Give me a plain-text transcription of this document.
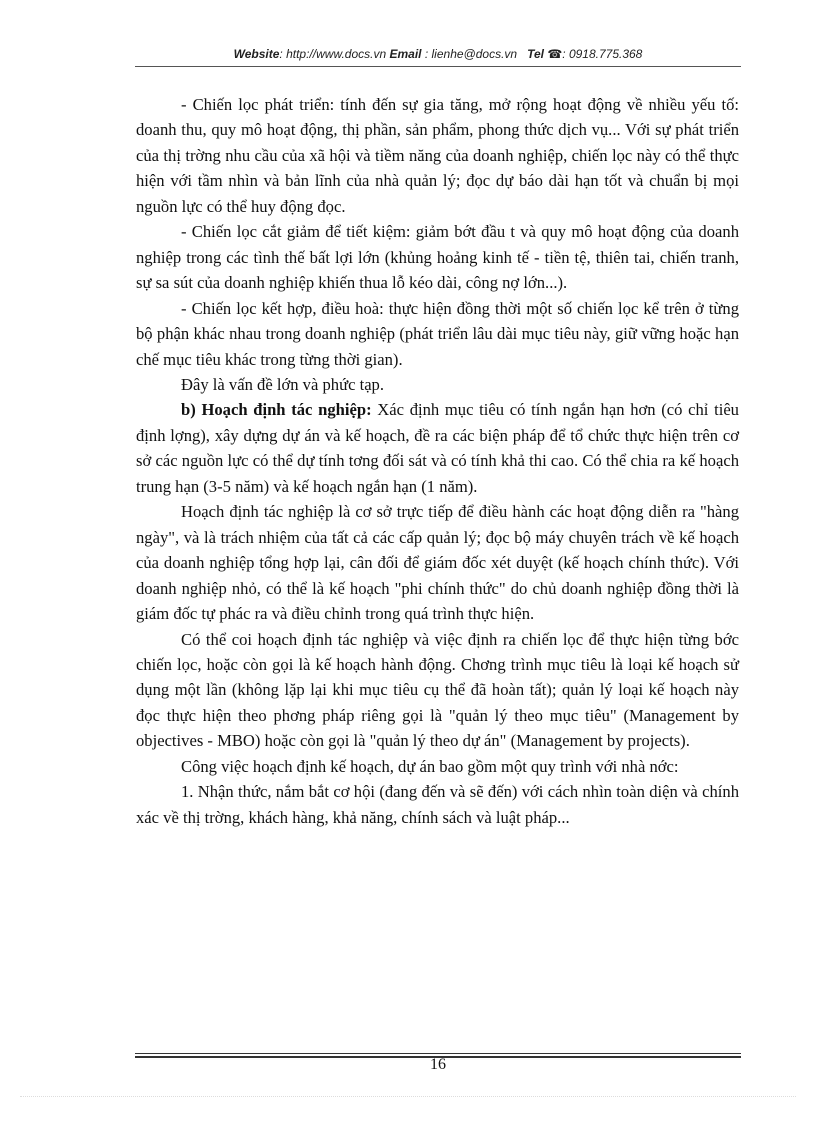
Website: http://www.docs.vn Email : lienhe@docs.vn Tel ☎: 0918.775.368

- Chiến lọc phát triển: tính đến sự gia tăng, mở rộng hoạt động về nhiều yếu tố: doanh thu, quy mô hoạt động, thị phần, sản phẩm, phong thức dịch vụ... Với sự phát triển của thị trờng nhu cầu của xã hội và tiềm năng của doanh nghiệp, chiến lọc này có thể thực hiện với tầm nhìn và bản lĩnh của nhà quản lý; đọc dự báo dài hạn tốt và chuẩn bị mọi nguồn lực có thể huy động đọc.

- Chiến lọc cắt giảm để tiết kiệm: giảm bớt đầu t và quy mô hoạt động của doanh nghiệp trong các tình thế bất lợi lớn (khủng hoảng kinh tế - tiền tệ, thiên tai, chiến tranh, sự sa sút của doanh nghiệp khiến thua lỗ kéo dài, công nợ lớn...).

- Chiến lọc kết hợp, điều hoà: thực hiện đồng thời một số chiến lọc kể trên ở từng bộ phận khác nhau trong doanh nghiệp (phát triển lâu dài mục tiêu này, giữ vững hoặc hạn chế mục tiêu khác trong từng thời gian).

Đây là vấn đề lớn và phức tạp.

b) Hoạch định tác nghiệp: Xác định mục tiêu có tính ngắn hạn hơn (có chỉ tiêu định lợng), xây dựng dự án và kế hoạch, đề ra các biện pháp để tổ chức thực hiện trên cơ sở các nguồn lực có thể dự tính tơng đối sát và có tính khả thi cao. Có thể chia ra kế hoạch trung hạn (3-5 năm) và kế hoạch ngắn hạn (1 năm).

Hoạch định tác nghiệp là cơ sở trực tiếp để điều hành các hoạt động diễn ra "hàng ngày", và là trách nhiệm của tất cả các cấp quản lý; đọc bộ máy chuyên trách về kế hoạch của doanh nghiệp tổng hợp lại, cân đối để giám đốc xét duyệt (kế hoạch chính thức). Với doanh nghiệp nhỏ, có thể là kế hoạch "phi chính thức" do chủ doanh nghiệp đồng thời là giám đốc tự phác ra và điều chỉnh trong quá trình thực hiện.

Có thể coi hoạch định tác nghiệp và việc định ra chiến lọc để thực hiện từng bớc chiến lọc, hoặc còn gọi là kế hoạch hành động. Chơng trình mục tiêu là loại kế hoạch sử dụng một lần (không lặp lại khi mục tiêu cụ thể đã hoàn tất); quản lý loại kế hoạch này đọc thực hiện theo phơng pháp riêng gọi là "quản lý theo mục tiêu" (Management by objectives - MBO) hoặc còn gọi là "quản lý theo dự án" (Management by projects).

Công việc hoạch định kế hoạch, dự án bao gồm một quy trình với nhà nớc:

1. Nhận thức, nắm bắt cơ hội (đang đến và sẽ đến) với cách nhìn toàn diện và chính xác về thị trờng, khách hàng, khả năng, chính sách và luật pháp...

16
